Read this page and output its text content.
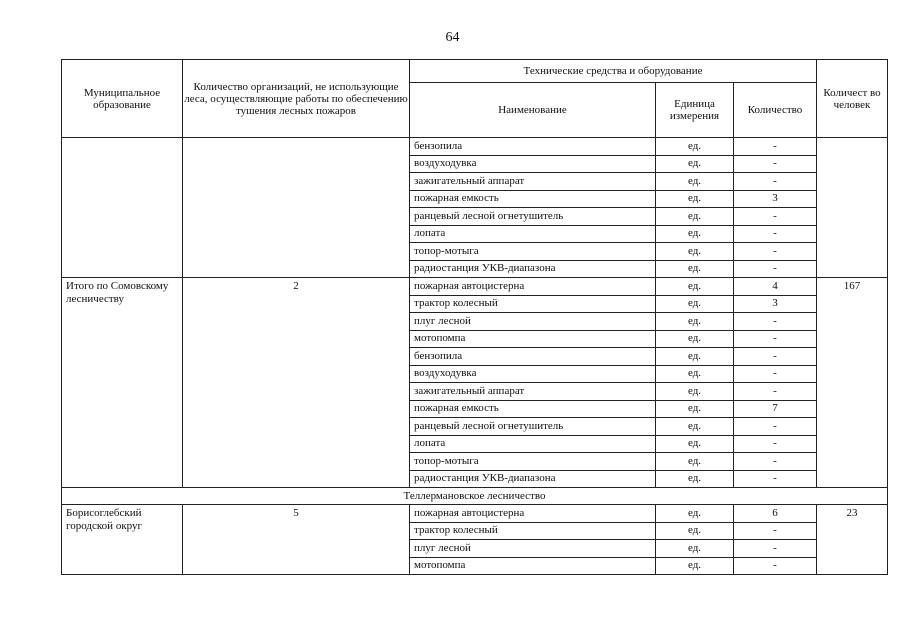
64
Муниципальное образование	Количество организаций, не использующие леса, осуществляющие работы по обеспечению тушения лесных пожаров	Технические средства и оборудование			Количест во человек
		Наименование	Единица измерения	Количество	
		бензопила	ед.	-	
		воздуходувка	ед.	-	
		зажигательный аппарат	ед.	-	
		пожарная емкость	ед.	3	
		ранцевый лесной огнетушитель	ед.	-	
		лопата	ед.	-	
		топор-мотыга	ед.	-	
		радиостанция УКВ-диапазона	ед.	-	
Итого по Сомовскому лесничеству	2	пожарная автоцистерна	ед.	4	167
		трактор колесный	ед.	3	
		плуг лесной	ед.	-	
		мотопомпа	ед.	-	
		бензопила	ед.	-	
		воздуходувка	ед.	-	
		зажигательный аппарат	ед.	-	
		пожарная емкость	ед.	7	
		ранцевый лесной огнетушитель	ед.	-	
		лопата	ед.	-	
		топор-мотыга	ед.	-	
		радиостанция УКВ-диапазона	ед.	-	
Теллермановское лесничество					
Борисоглебский городской округ	5	пожарная автоцистерна	ед.	6	23
		трактор колесный	ед.	-	
		плуг лесной	ед.	-	
		мотопомпа	ед.	-	
